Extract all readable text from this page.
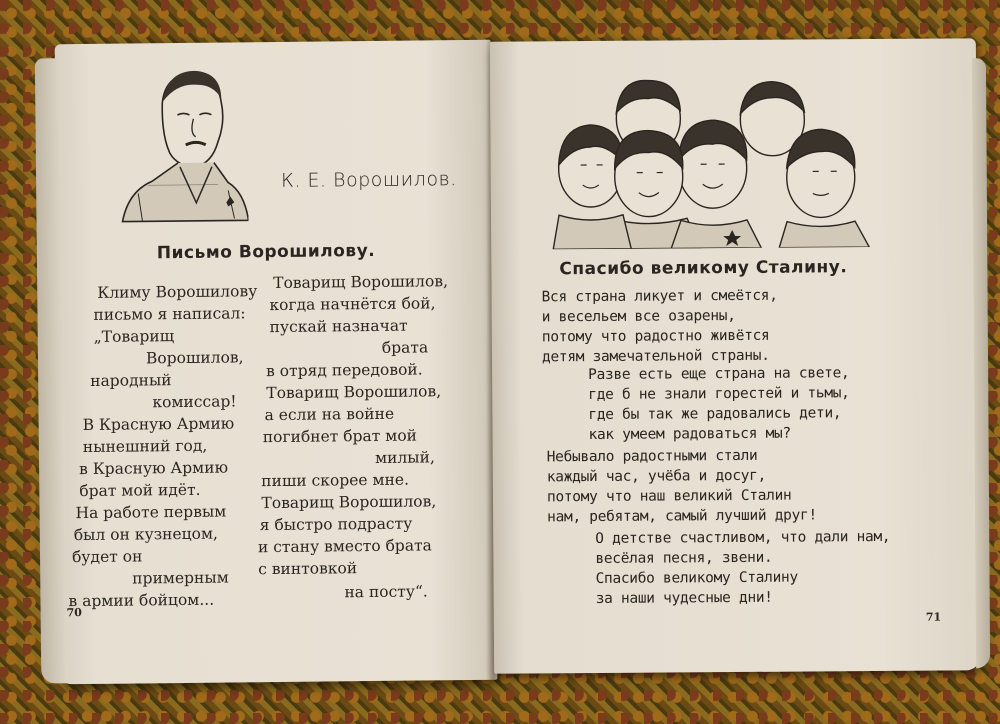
К. Е. Ворошилов.
Письмо Ворошилову.
Климу Ворошилову
письмо я написал:
„Товарищ
Ворошилов,
народный
комиссар!
В Красную Армию
нынешний год,
в Красную Армию
брат мой идёт.
На работе первым
был он кузнецом,
будет он
примерным
в армии бойцом...
Товарищ Ворошилов,
когда начнётся бой,
пускай назначат
брата
в отряд передовой.
Товарищ Ворошилов,
а если на войне
погибнет брат мой
милый,
пиши скорее мне.
Товарищ Ворошилов,
я быстро подрасту
и стану вместо брата
с винтовкой
на посту“.
70
Спасибо великому Сталину.
Вся страна ликует и смеётся,
и весельем все озарены,
потому что радостно живётся
детям замечательной страны.
Разве есть еще страна на свете,
где б не знали горестей и тьмы,
где бы так же радовались дети,
как умеем радоваться мы?
Небывало радостными стали
каждый час, учёба и досуг,
потому что наш великий Сталин
нам, ребятам, самый лучший друг!
О детстве счастливом, что дали нам,
весёлая песня, звени.
Спасибо великому Сталину
за наши чудесные дни!
71
